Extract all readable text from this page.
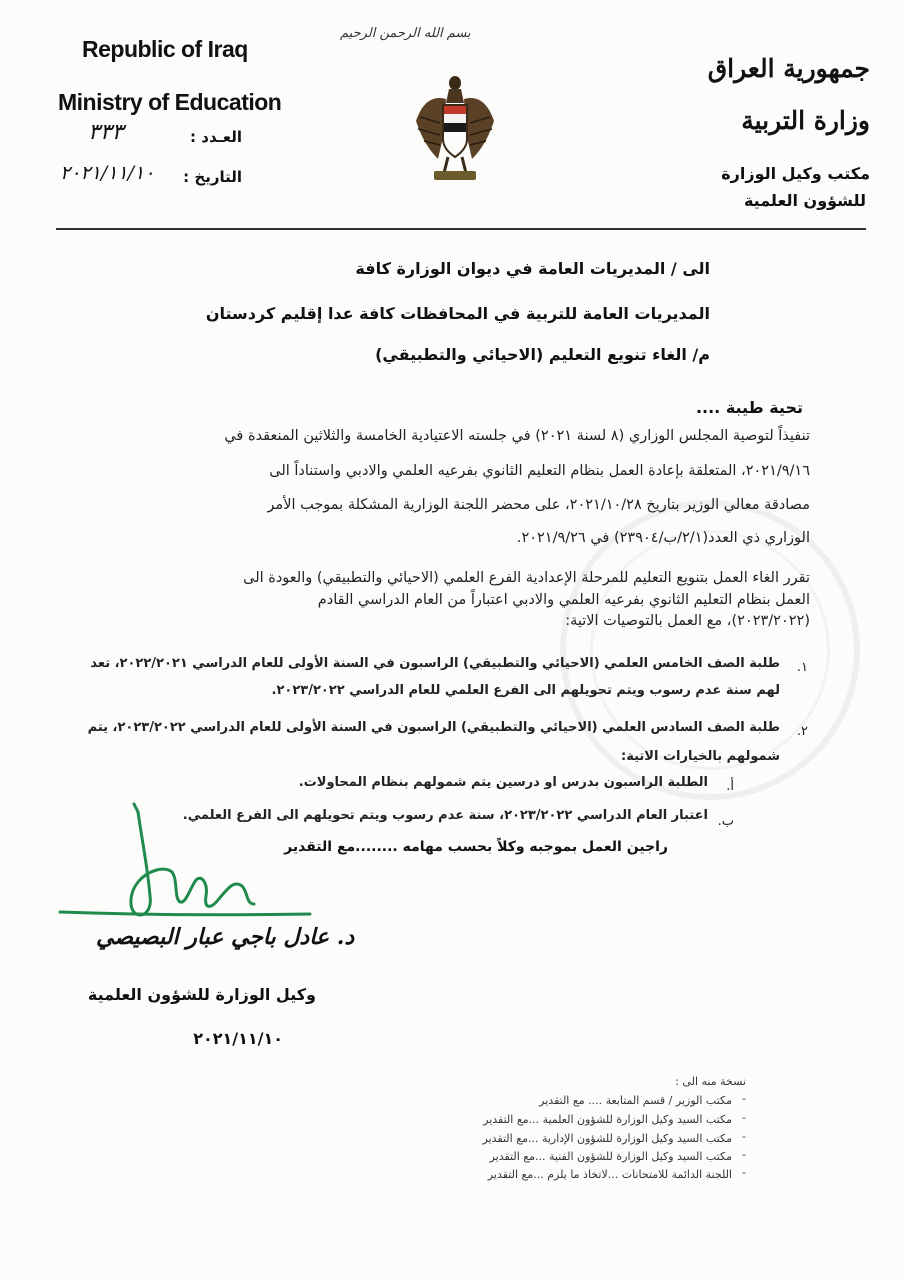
Republic of Iraq
Ministry of Education
العـدد :
٣٣٣
التاريخ :
٢٠٢١/١١/١٠
بسم الله الرحمن الرحيم
جمهورية العراق
وزارة التربية
مكتب وكيل الوزارة
للشؤون العلمية
الى / المديريات العامة في ديوان الوزارة كافة
المديريات العامة للتربية في المحافظات كافة عدا إقليم كردستان
م/ الغاء تنويع التعليم (الاحيائي والتطبيقي)
تحية طيبة ....
تنفيذاً لتوصية المجلس الوزاري (٨ لسنة ٢٠٢١) في جلسته الاعتيادية الخامسة والثلاثين المنعقدة في
٢٠٢١/٩/١٦، المتعلقة بإعادة العمل بنظام التعليم الثانوي بفرعيه العلمي والادبي واستناداً الى
مصادقة معالي الوزير بتاريخ ٢٠٢١/١٠/٢٨، على محضر اللجنة الوزارية المشكلة بموجب الأمر
الوزاري ذي العدد(٢/١/ب/٢٣٩٠٤) في ٢٠٢١/٩/٢٦.
تقرر الغاء العمل بتنويع التعليم للمرحلة الإعدادية الفرع العلمي (الاحيائي والتطبيقي) والعودة الى
العمل بنظام التعليم الثانوي بفرعيه العلمي والادبي اعتباراً من العام الدراسي القادم
(٢٠٢٣/٢٠٢٢)، مع العمل بالتوصيات الاتية:
١.
طلبة الصف الخامس العلمي (الاحيائي والتطبيقي) الراسبون في السنة الأولى للعام الدراسي ٢٠٢٢/٢٠٢١، تعد
لهم سنة عدم رسوب ويتم تحويلهم الى الفرع العلمي للعام الدراسي ٢٠٢٣/٢٠٢٢.
٢.
طلبة الصف السادس العلمي (الاحيائي والتطبيقي) الراسبون في السنة الأولى للعام الدراسي ٢٠٢٣/٢٠٢٢، يتم
شمولهم بالخيارات الاتية:
أ.
الطلبة الراسبون بدرس او درسين يتم شمولهم بنظام المحاولات.
ب.
اعتبار العام الدراسي ٢٠٢٣/٢٠٢٢، سنة عدم رسوب ويتم تحويلهم الى الفرع العلمي.
راجين العمل بموجبه وكلاً بحسب مهامه ........مع التقدير
د. عادل باجي عبار البصيصي
وكيل الوزارة للشؤون العلمية
٢٠٢١/١١/١٠
نسخة منه الى :
مكتب الوزير / قسم المتابعة .... مع التقدير
مكتب السيد وكيل الوزارة للشؤون العلمية ...مع التقدير
مكتب السيد وكيل الوزارة للشؤون الإدارية ...مع التقدير
مكتب السيد وكيل الوزارة للشؤون الفنية ...مع التقدير
اللجنة الدائمة للامتحانات ...لاتخاذ ما يلزم ...مع التقدير
-
-
-
-
-
